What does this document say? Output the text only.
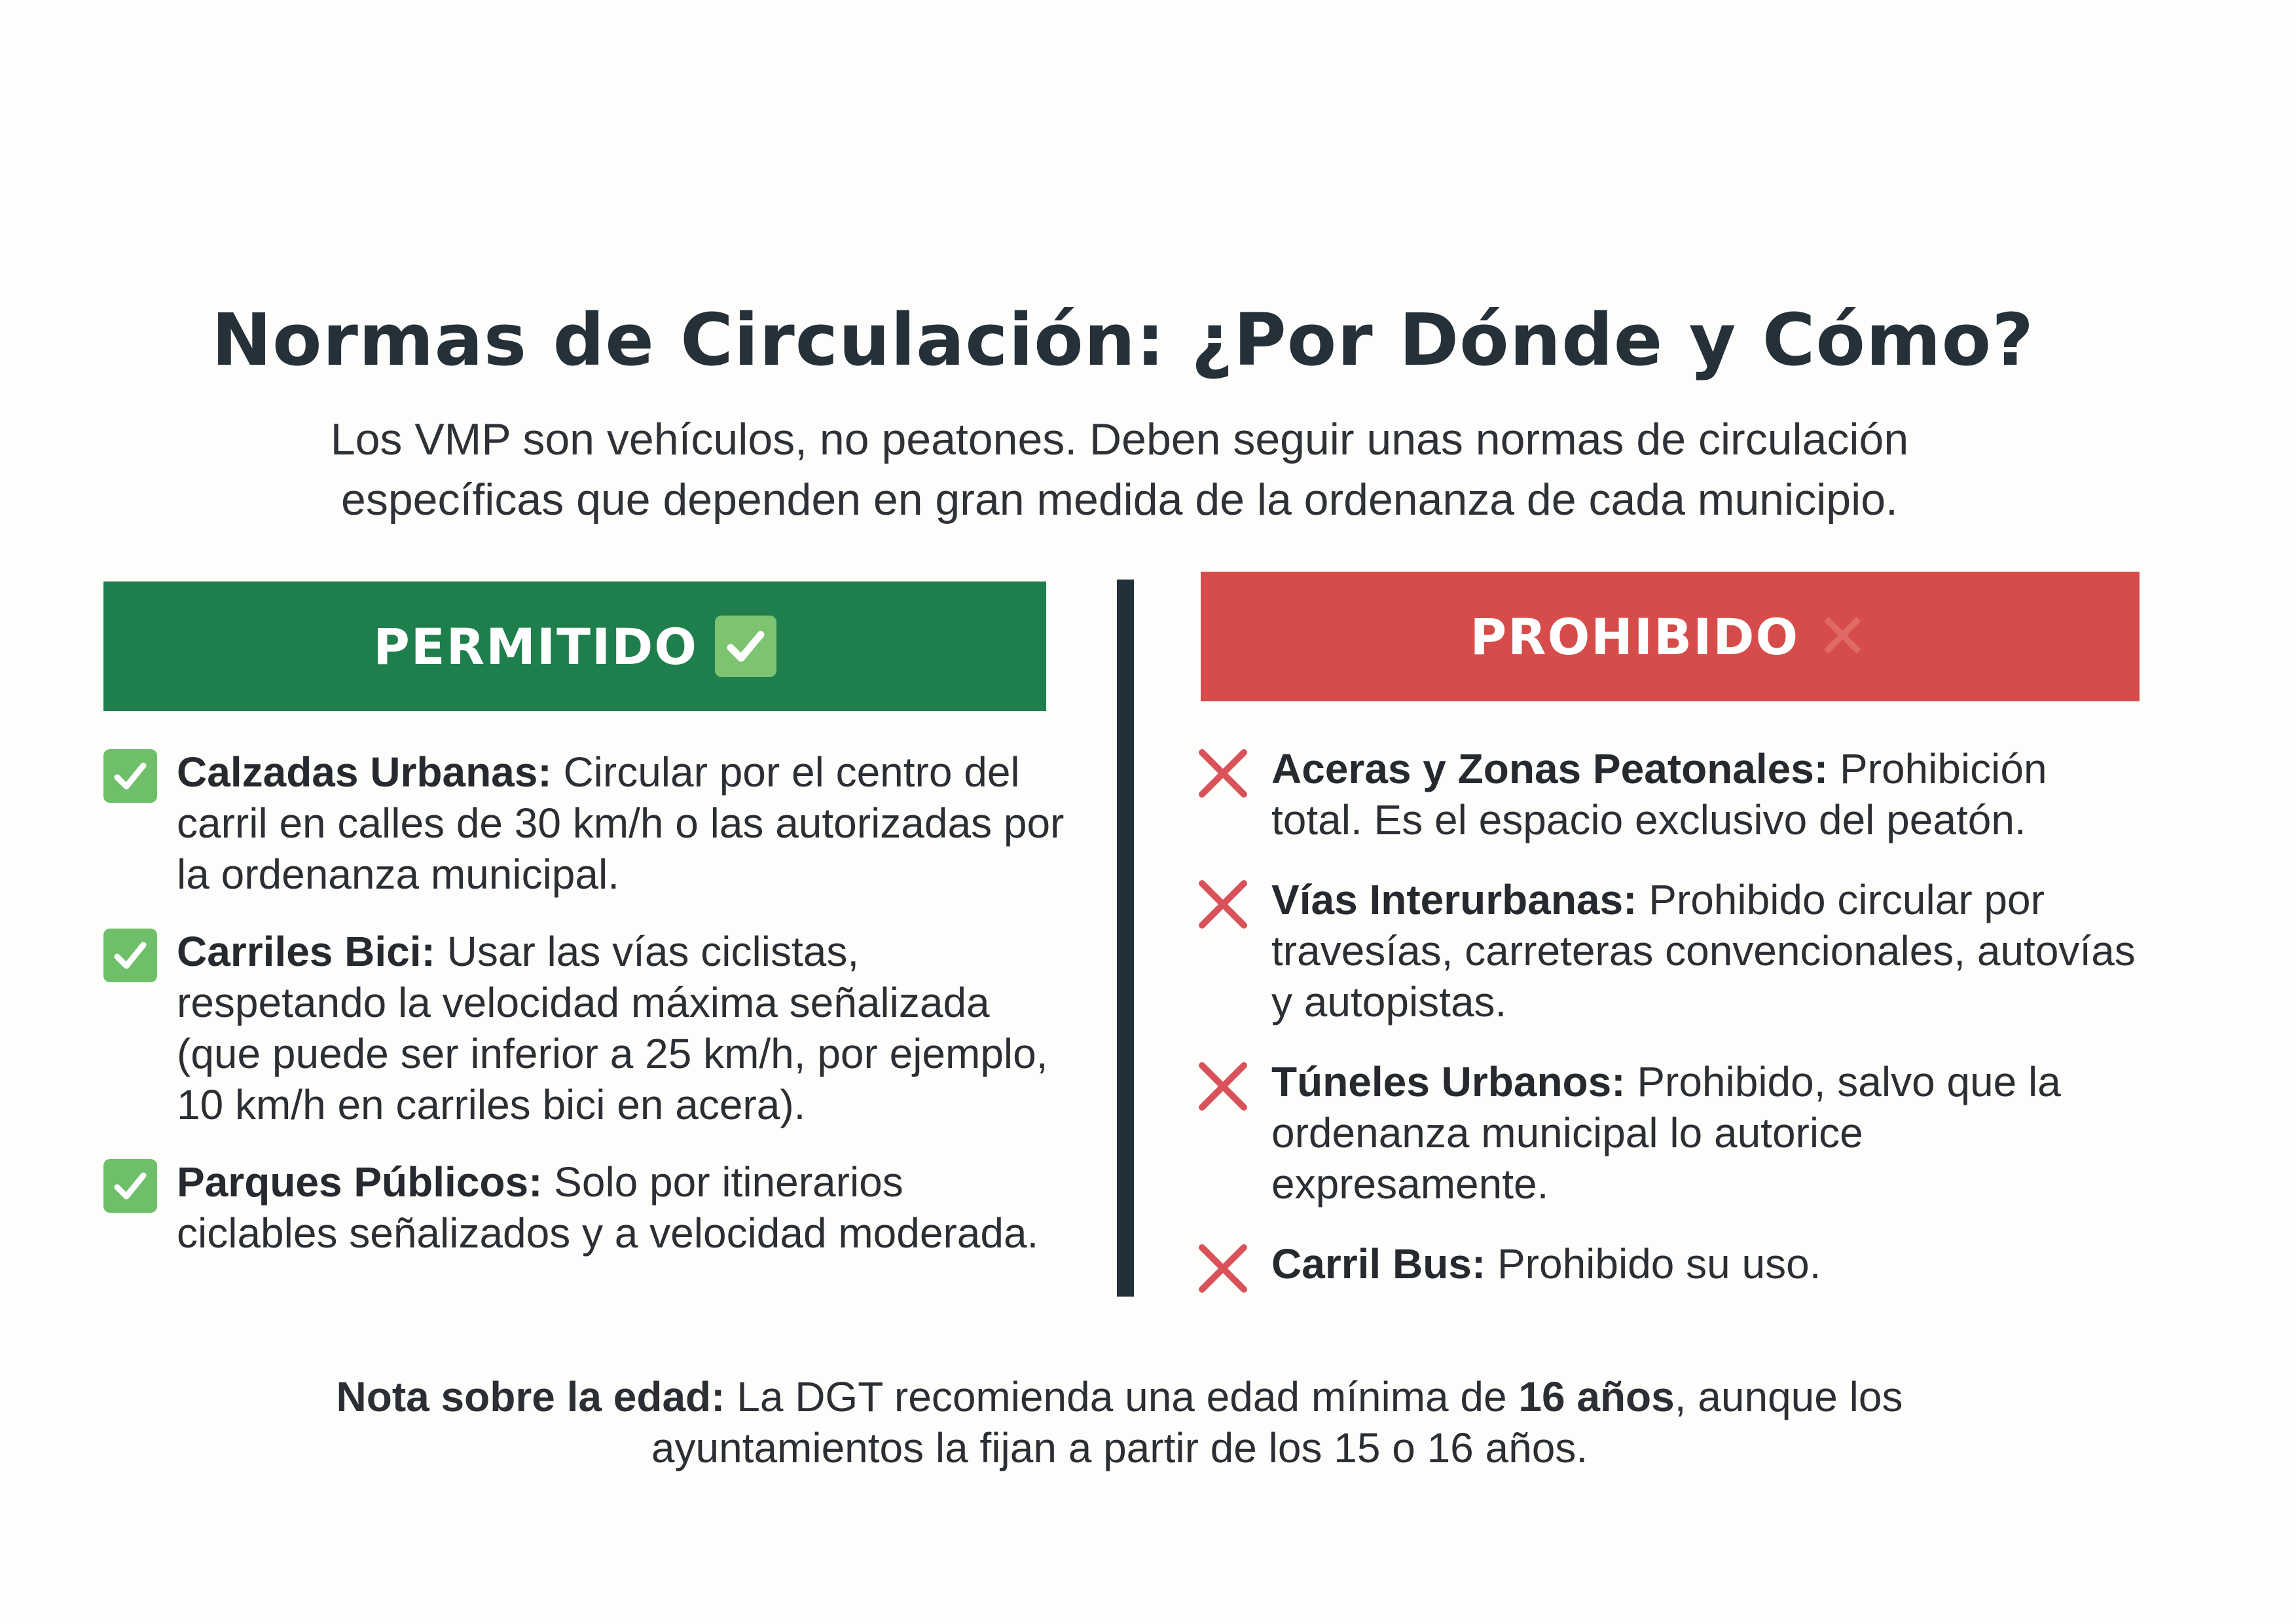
Normas de Circulación: ¿Por Dónde y Cómo?

Los VMP son vehículos, no peatones. Deben seguir unas normas de circulación
específicas que dependen en gran medida de la ordenanza de cada municipio.

PERMITIDO	PROHIBIDO ✕
Calzadas Urbanas: Circular por el centro del carril en calles de 30 km/h o las autorizadas por la ordenanza municipal.
Carriles Bici: Usar las vías ciclistas, respetando la velocidad máxima señalizada (que puede ser inferior a 25 km/h, por ejemplo, 10 km/h en carriles bici en acera).
Parques Públicos: Solo por itinerarios ciclables señalizados y a velocidad moderada.
Aceras y Zonas Peatonales: Prohibición total. Es el espacio exclusivo del peatón.
Vías Interurbanas: Prohibido circular por travesías, carreteras convencionales, autovías y autopistas.
Túneles Urbanos: Prohibido, salvo que la ordenanza municipal lo autorice expresamente.
Carril Bus: Prohibido su uso.

Nota sobre la edad: La DGT recomienda una edad mínima de 16 años, aunque los ayuntamientos la fijan a partir de los 15 o 16 años.
